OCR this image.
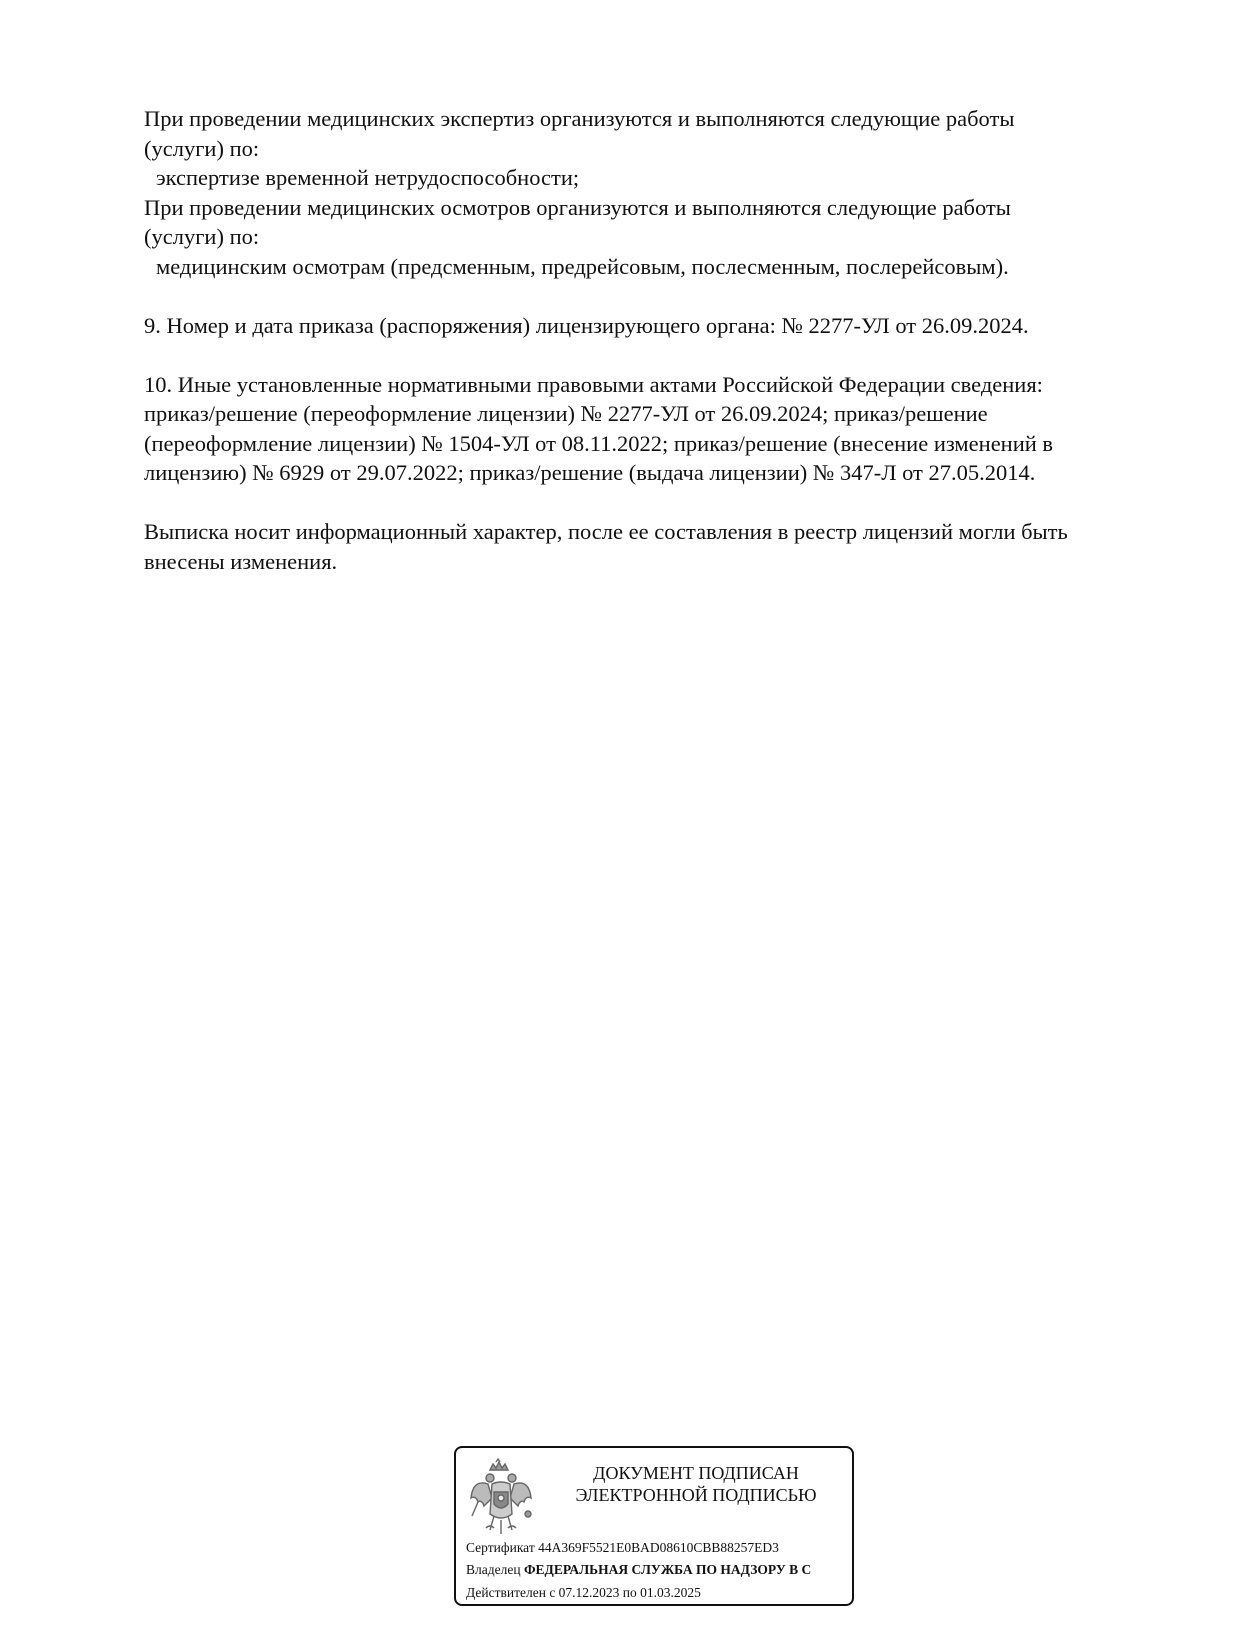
При проведении медицинских экспертиз организуются и выполняются следующие работы
(услуги) по:
экспертизе временной нетрудоспособности;
При проведении медицинских осмотров организуются и выполняются следующие работы
(услуги) по:
медицинским осмотрам (предсменным, предрейсовым, послесменным, послерейсовым).
9. Номер и дата приказа (распоряжения) лицензирующего органа: № 2277-УЛ от 26.09.2024.
10. Иные установленные нормативными правовыми актами Российской Федерации сведения:
приказ/решение (переоформление лицензии) № 2277-УЛ от 26.09.2024; приказ/решение
(переоформление лицензии) № 1504-УЛ от 08.11.2022; приказ/решение (внесение изменений в
лицензию) № 6929 от 29.07.2022; приказ/решение (выдача лицензии) № 347-Л от 27.05.2014.
Выписка носит информационный характер, после ее составления в реестр лицензий могли быть
внесены изменения.
ДОКУМЕНТ ПОДПИСАН
ЭЛЕКТРОННОЙ ПОДПИСЬЮ
Сертификат 44A369F5521E0BAD08610CBB88257ED3
Владелец ФЕДЕРАЛЬНАЯ СЛУЖБА ПО НАДЗОРУ В С
Действителен с 07.12.2023 по 01.03.2025
